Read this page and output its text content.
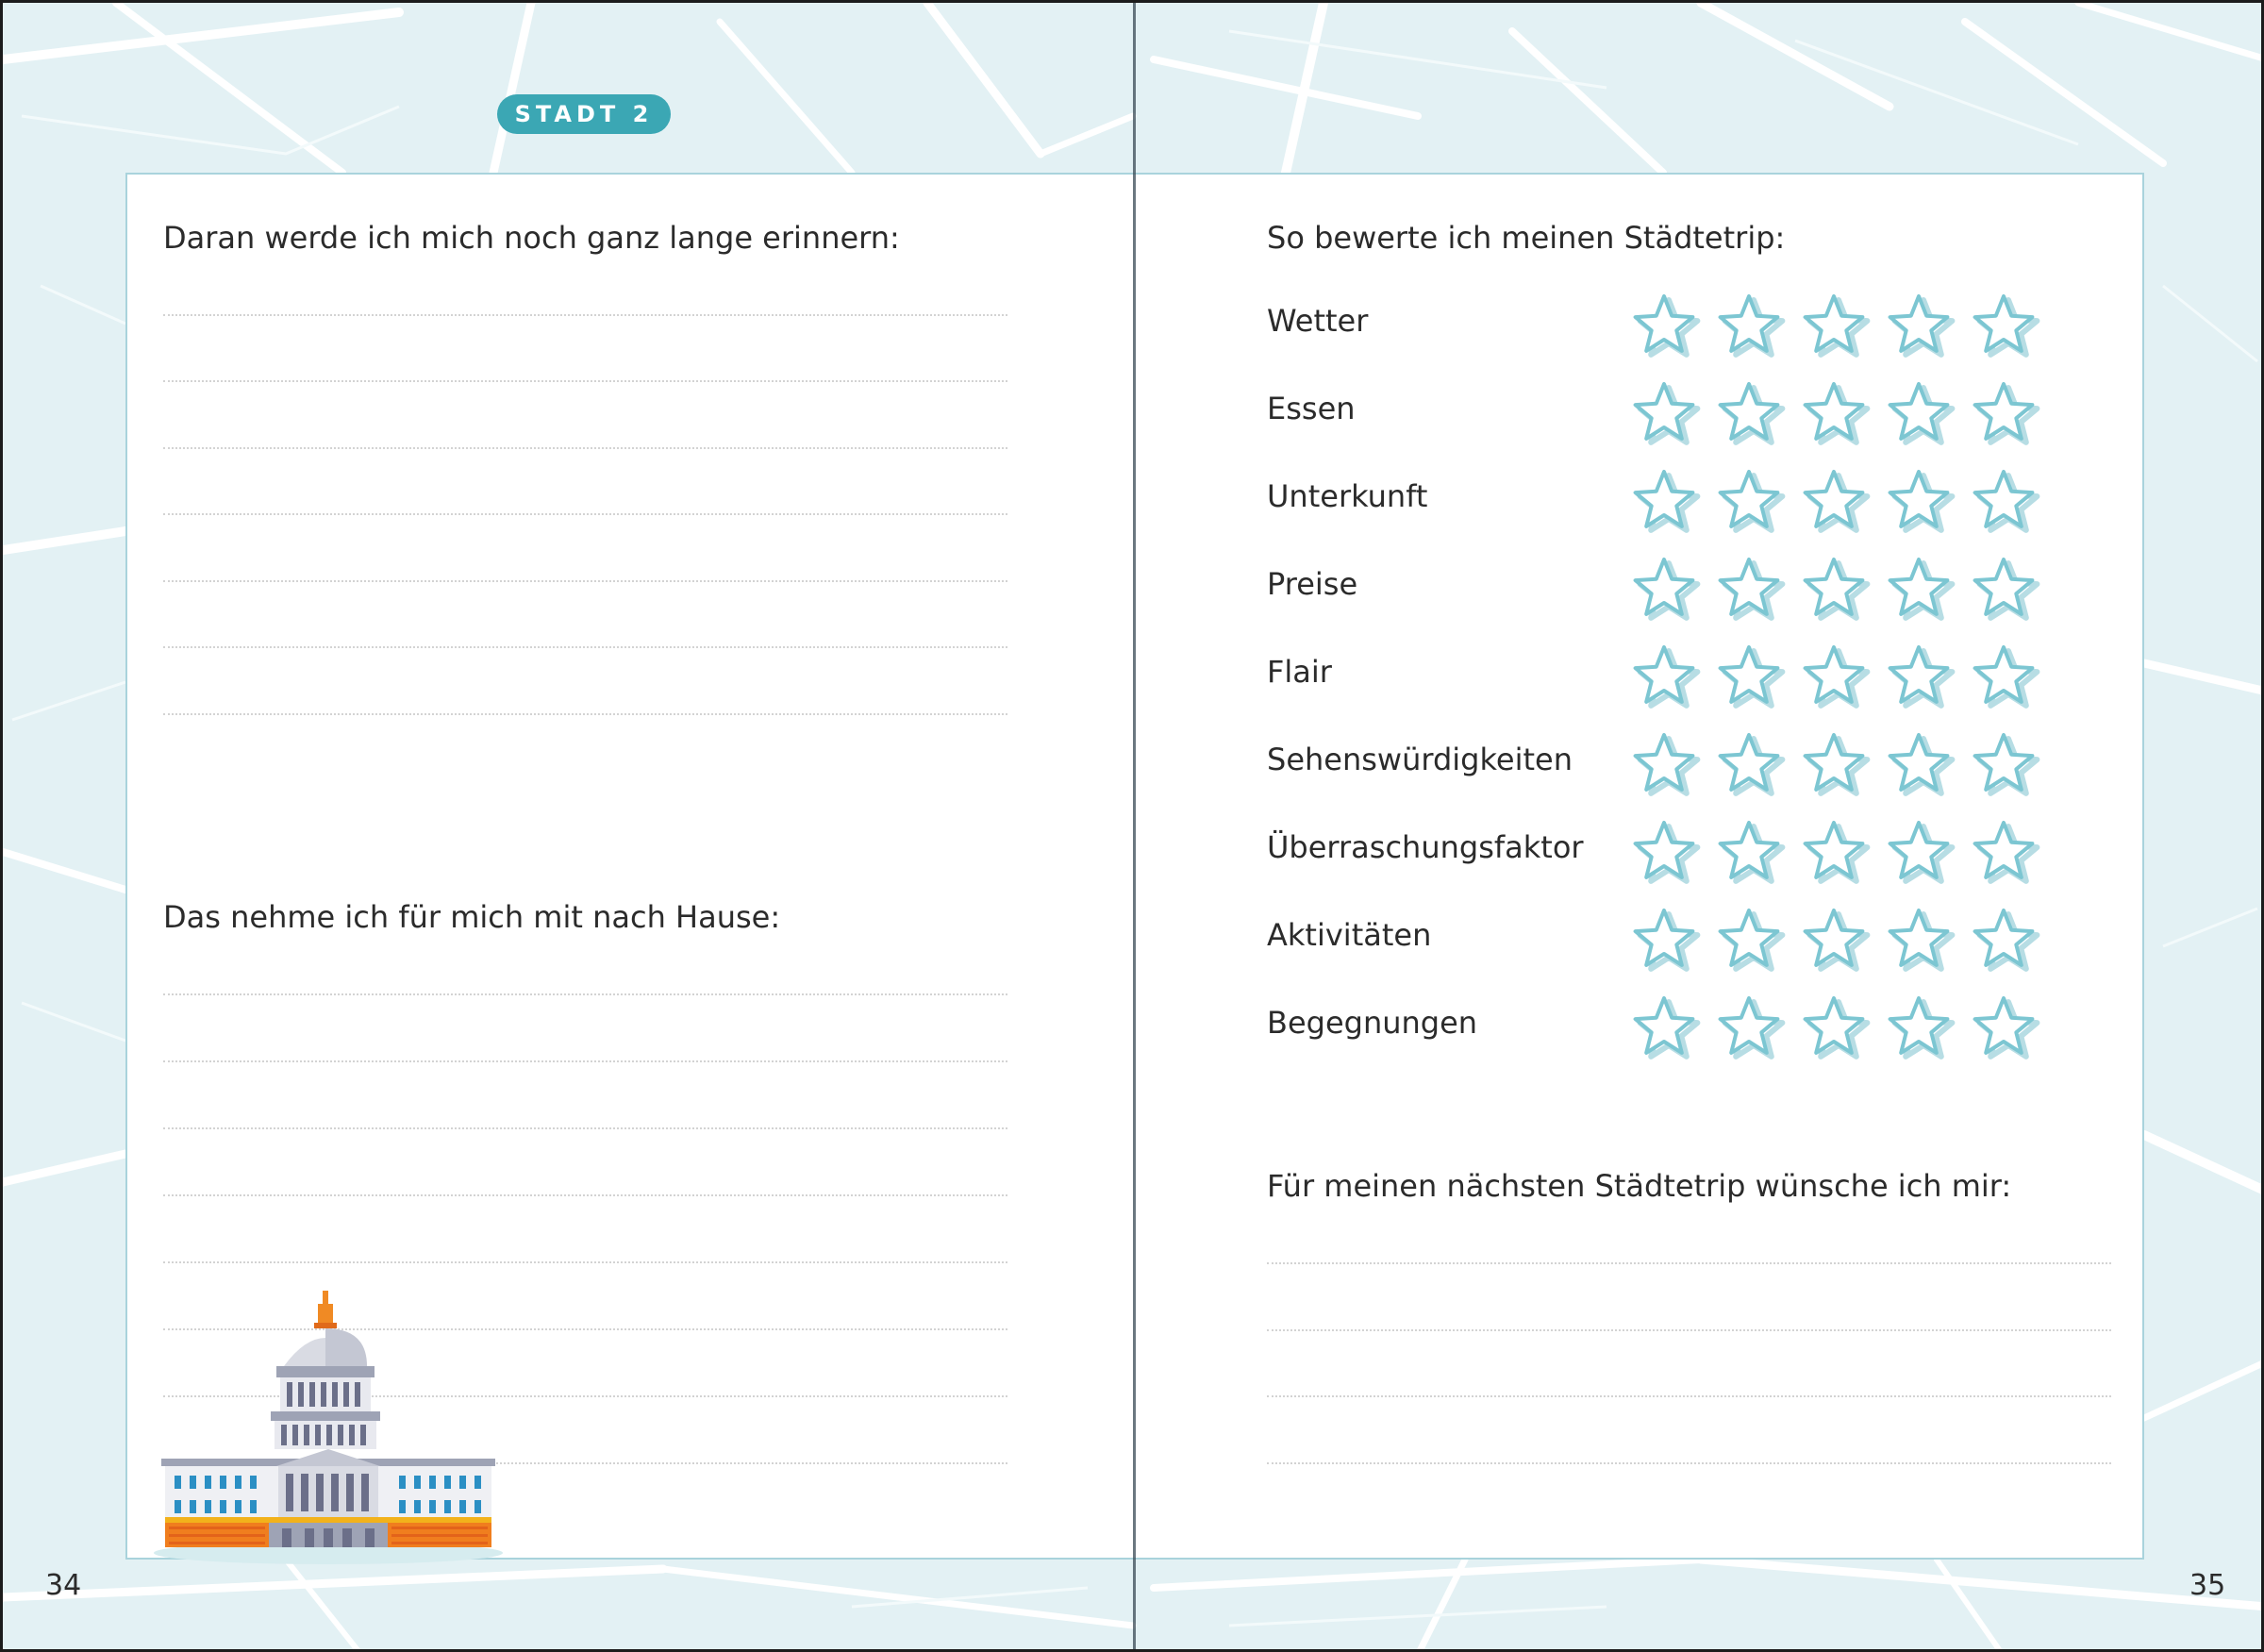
STADT 2
Daran werde ich mich noch ganz lange erinnern:
Das nehme ich für mich mit nach Hause:
34
So bewerte ich meinen Städtetrip:
Wetter
Essen
Unterkunft
Preise
Flair
Sehenswürdigkeiten
Überraschungsfaktor
Aktivitäten
Begegnungen
Für meinen nächsten Städtetrip wünsche ich mir:
35
